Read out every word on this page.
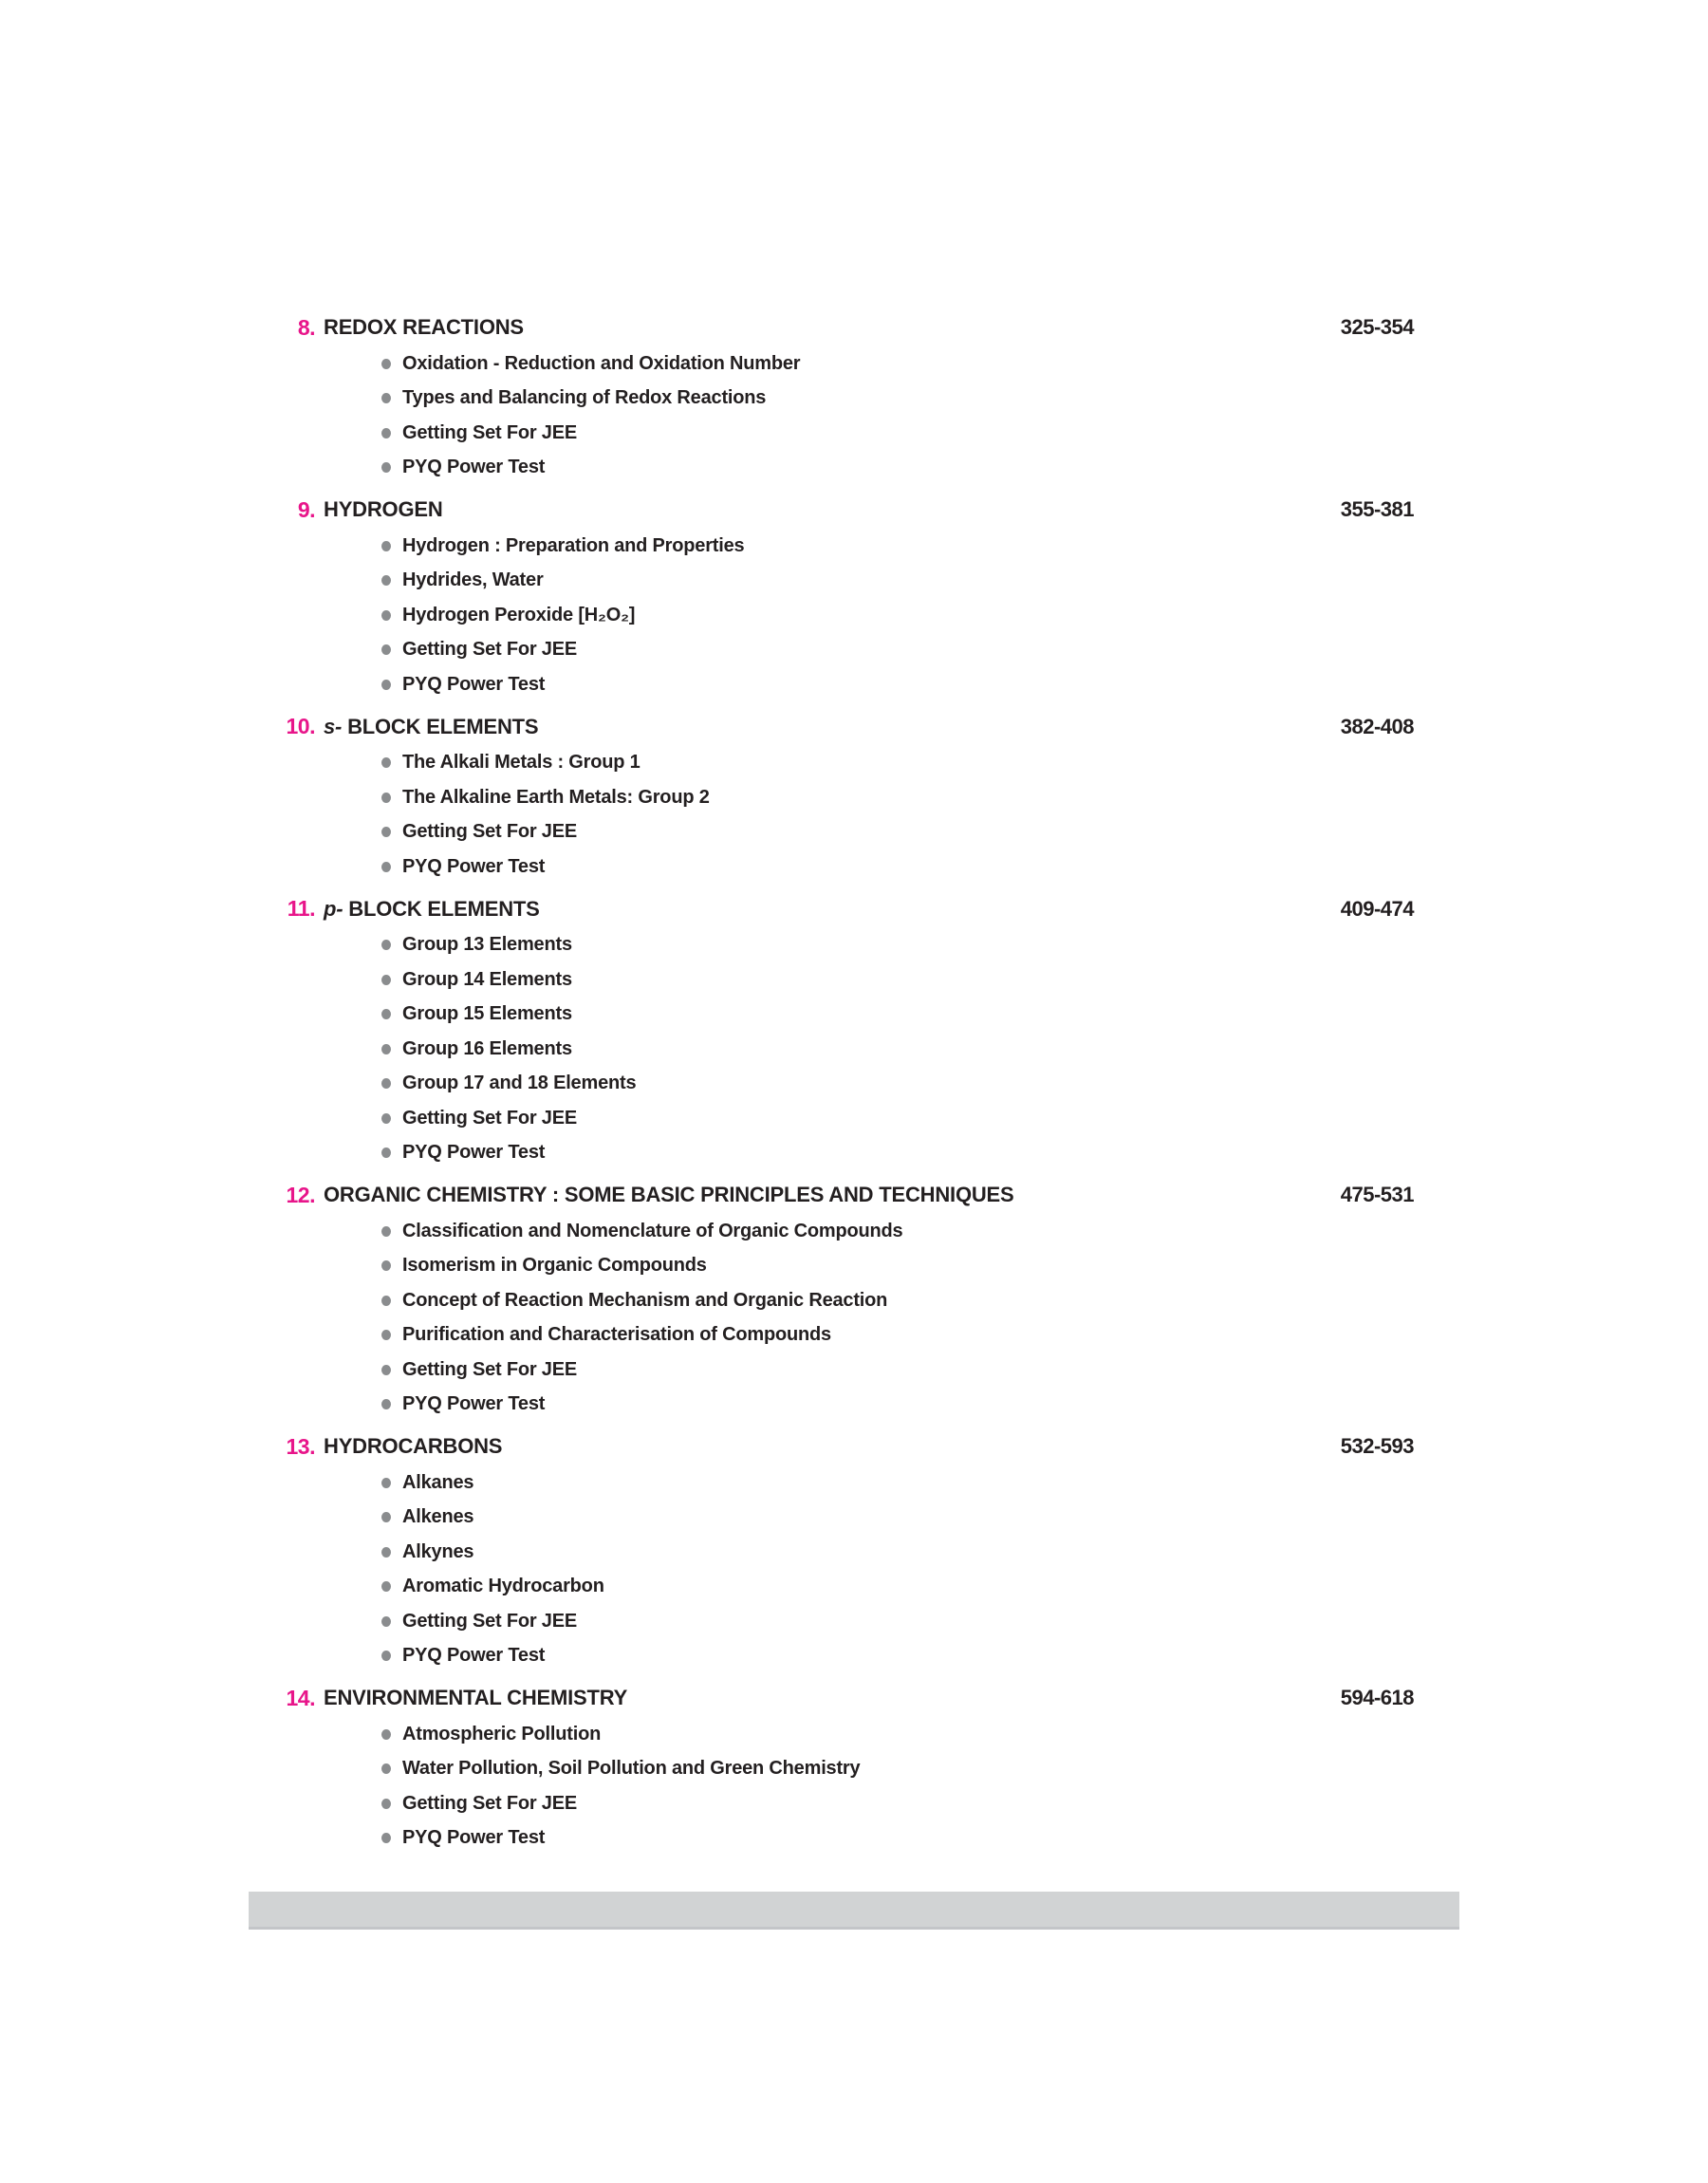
8. REDOX REACTIONS	325-354
Oxidation - Reduction and Oxidation Number
Types and Balancing of Redox Reactions
Getting Set For JEE
PYQ Power Test
9. HYDROGEN	355-381
Hydrogen : Preparation and Properties
Hydrides, Water
Hydrogen Peroxide [H₂O₂]
Getting Set For JEE
PYQ Power Test
10. s- BLOCK ELEMENTS	382-408
The Alkali Metals : Group 1
The Alkaline Earth Metals: Group 2
Getting Set For JEE
PYQ Power Test
11. p- BLOCK ELEMENTS	409-474
Group 13 Elements
Group 14 Elements
Group 15 Elements
Group 16 Elements
Group 17 and 18 Elements
Getting Set For JEE
PYQ Power Test
12. ORGANIC CHEMISTRY : SOME BASIC PRINCIPLES AND TECHNIQUES	475-531
Classification and Nomenclature of Organic Compounds
Isomerism in Organic Compounds
Concept of Reaction Mechanism and Organic Reaction
Purification and Characterisation of Compounds
Getting Set For JEE
PYQ Power Test
13. HYDROCARBONS	532-593
Alkanes
Alkenes
Alkynes
Aromatic Hydrocarbon
Getting Set For JEE
PYQ Power Test
14. ENVIRONMENTAL CHEMISTRY	594-618
Atmospheric Pollution
Water Pollution, Soil Pollution and Green Chemistry
Getting Set For JEE
PYQ Power Test
